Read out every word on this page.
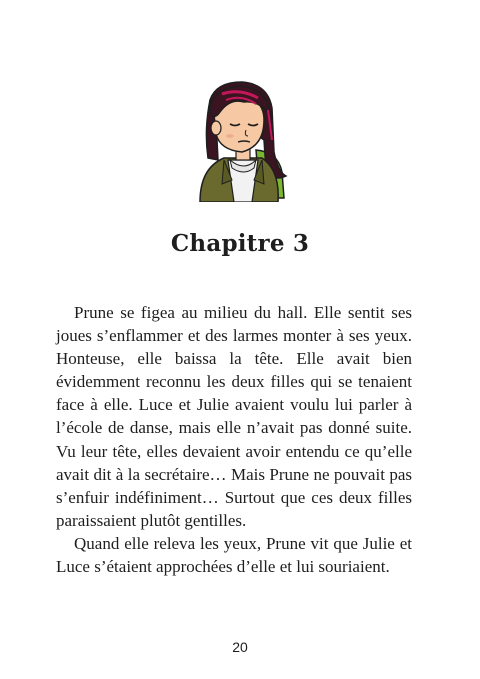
Chapitre 3

Prune se figea au milieu du hall. Elle sentit ses joues s’enflammer et des larmes monter à ses yeux. Honteuse, elle baissa la tête. Elle avait bien évidemment reconnu les deux filles qui se tenaient face à elle. Luce et Julie avaient voulu lui parler à l’école de danse, mais elle n’avait pas donné suite. Vu leur tête, elles devaient avoir entendu ce qu’elle avait dit à la secrétaire… Mais Prune ne pouvait pas s’enfuir indéfiniment… Surtout que ces deux filles paraissaient plutôt gentilles.

Quand elle releva les yeux, Prune vit que Julie et Luce s’étaient approchées d’elle et lui souriaient.

20
